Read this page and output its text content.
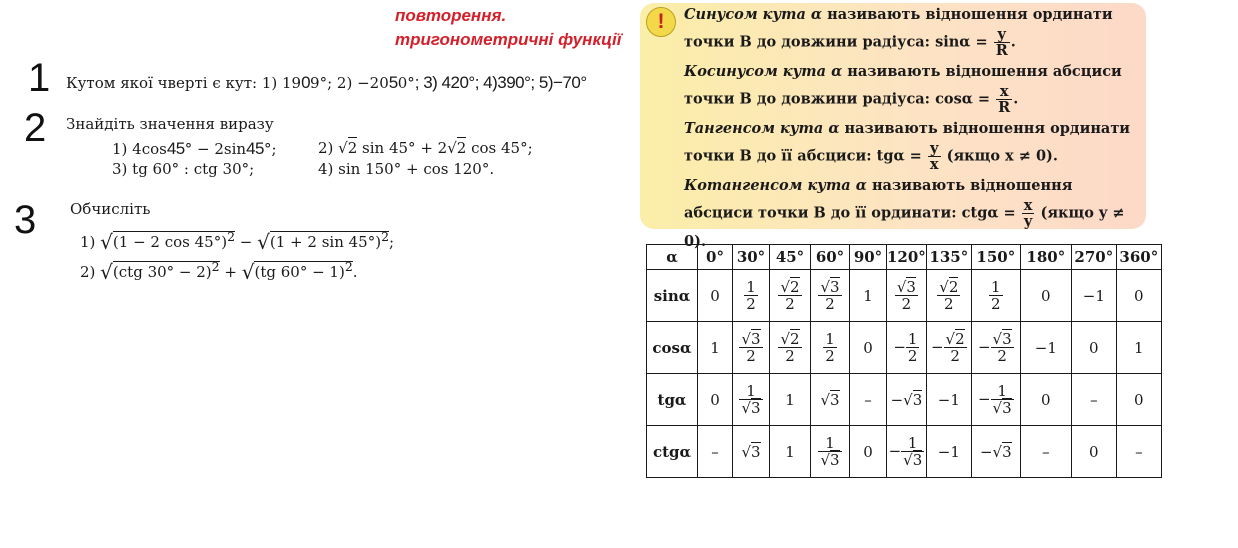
повторення.
тригонометричні функції
1 Кутом якої чверті є кут: 1) 1909°; 2) −2050°; 3) 420°; 4)390°; 5)−70°
2 Знайдіть значення виразу
1) 4cos45° − 2sin45°;	2) √2 sin 45° + 2√2 cos 45°;
3) tg 60° : ctg 30°;	4) sin 150° + cos 120°.
3 Обчисліть
1) √(1 − 2 cos 45°)$^2$ − √(1 + 2 sin 45°)$^2$;
2) √(ctg 30° − 2)$^2$ + √(tg 60° − 1)$^2$.
!	Синусом кута α називають відношення ординати точки B до довжини радіуса: $\sin\alpha = \frac{y}{R}$ .
Косинусом кута α називають відношення абсциси точки B до довжини радіуса: $\cos\alpha = \frac{x}{R}$ .
Тангенсом кута α називають відношення ординати точки B до її абсциси: $tg\alpha = \frac{y}{x}$ (якщо x ≠ 0).
Котангенсом кута α називають відношення абсциси точки B до її ординати: $ctg\alpha = \frac{x}{y}$ (якщо y ≠ 0).
α	0°	30°	45°	60°	90°	120°	135°	150°	180°	270°	360°
sinα	0	$\frac{1}{2}$	$\frac{√2}{2}$	$\frac{√3}{2}$	1	$\frac{√3}{2}$	$\frac{√2}{2}$	$\frac{1}{2}$	0	−1	0
cosα	1	$\frac{√3}{2}$	$\frac{√2}{2}$	$\frac{1}{2}$	0	− $\frac{1}{2}$	− $\frac{√2}{2}$	− $\frac{√3}{2}$	−1	0	1
tgα	0	$\frac{1}{√3}$	1	√3	–	−√3	−1	− $\frac{1}{√3}$	0	–	0
ctgα	–	√3	1	$\frac{1}{√3}$	0	− $\frac{1}{√3}$	−1	−√3	–	0	–
